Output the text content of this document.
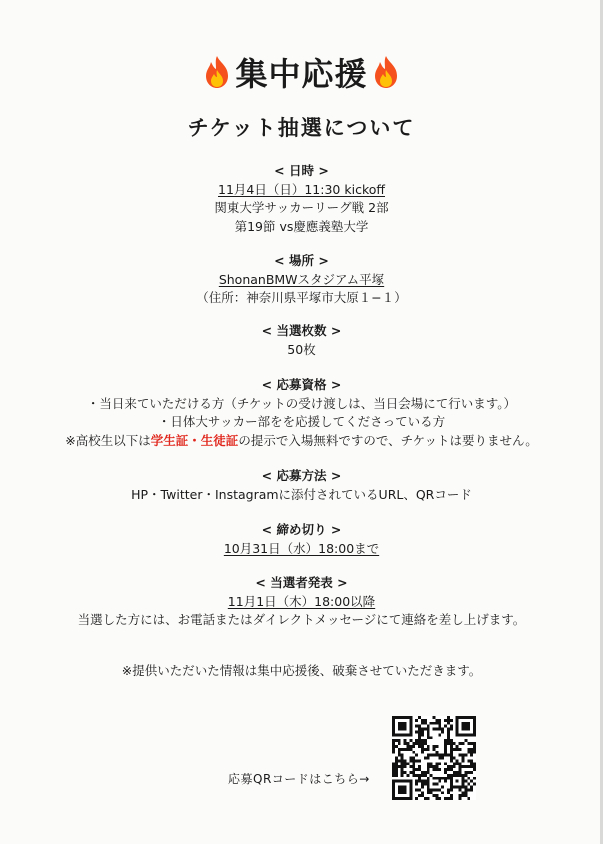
集中応援
チケット抽選について
< 日時 >
11月4日（日）11:30 kickoff
関東大学サッカーリーグ戦 2部
第19節 vs慶應義塾大学
< 場所 >
ShonanBMWスタジアム平塚
（住所：神奈川県平塚市大原１−１）
< 当選枚数 >
50枚
< 応募資格 >
・当日来ていただける方（チケットの受け渡しは、当日会場にて行います。）
・日体大サッカー部をを応援してくださっている方
※高校生以下は学生証・生徒証の提示で入場無料ですので、チケットは要りません。
< 応募方法 >
HP・Twitter・Instagramに添付されているURL、QRコード
< 締め切り >
10月31日（水）18:00まで
< 当選者発表 >
11月1日（木）18:00以降
当選した方には、お電話またはダイレクトメッセージにて連絡を差し上げます。
※提供いただいた情報は集中応援後、破棄させていただきます。
応募QRコードはこちら→
